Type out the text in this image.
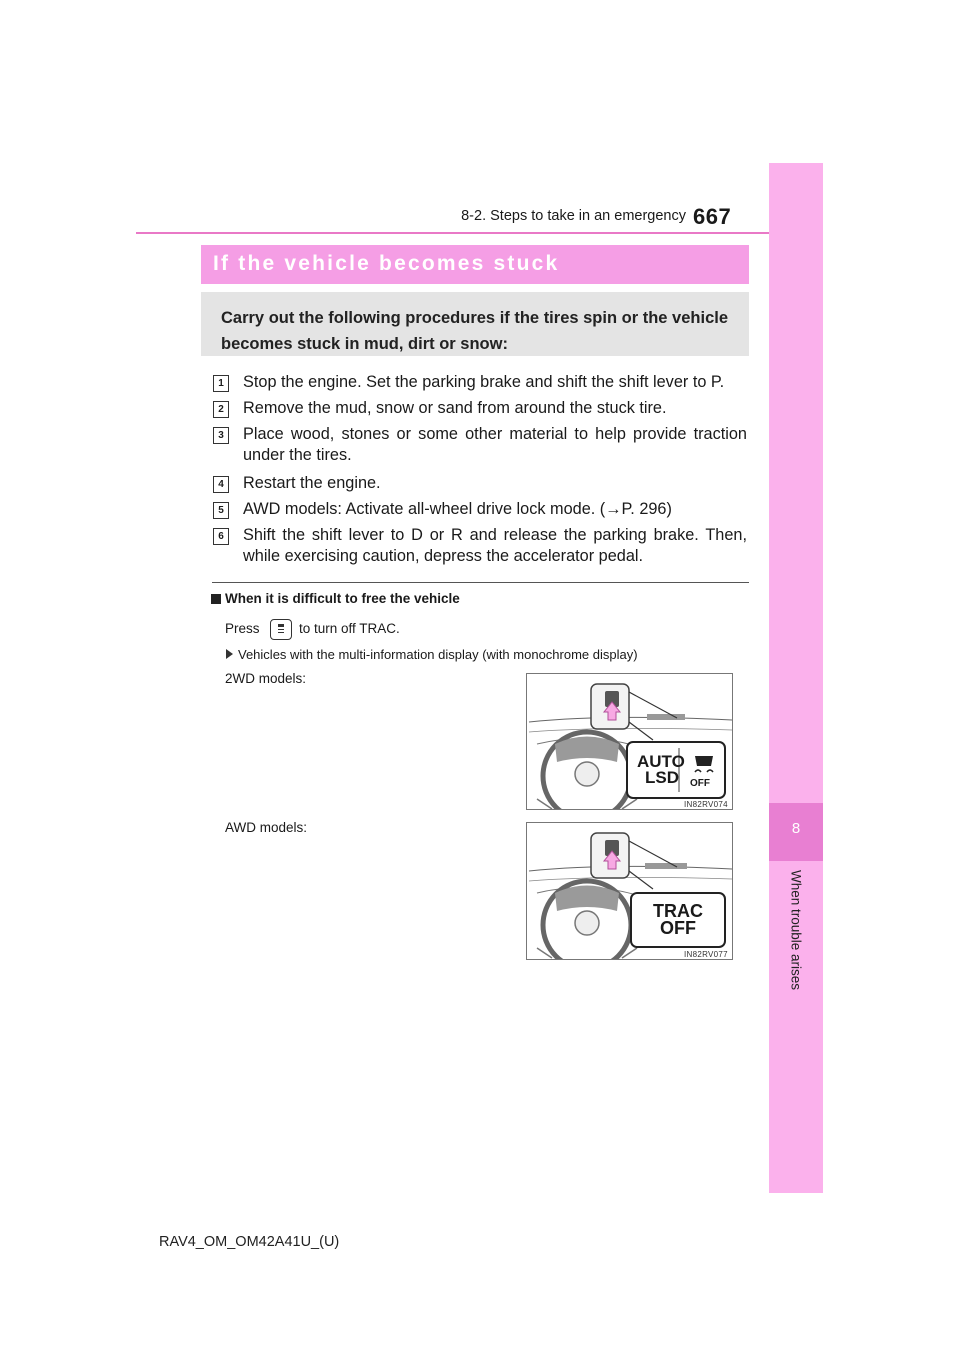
8-2. Steps to take in an emergency 667
8
When trouble arises
If the vehicle becomes stuck
Carry out the following procedures if the tires spin or the vehicle becomes stuck in mud, dirt or snow:
1	Stop the engine. Set the parking brake and shift the shift lever to P.
2	Remove the mud, snow or sand from around the stuck tire.
3	Place wood, stones or some other material to help provide traction under the tires.
4	Restart the engine.
5	AWD models: Activate all-wheel drive lock mode. (→P. 296)
6	Shift the shift lever to D or R and release the parking brake. Then, while exercising caution, depress the accelerator pedal.
When it is difficult to free the vehicle
Press	to turn off TRAC.
Vehicles with the multi-information display (with monochrome display)
2WD models:
AWD models:
AUTO
LSD OFF
IN82RV074
TRAC
OFF
IN82RV077
RAV4_OM_OM42A41U_(U)
